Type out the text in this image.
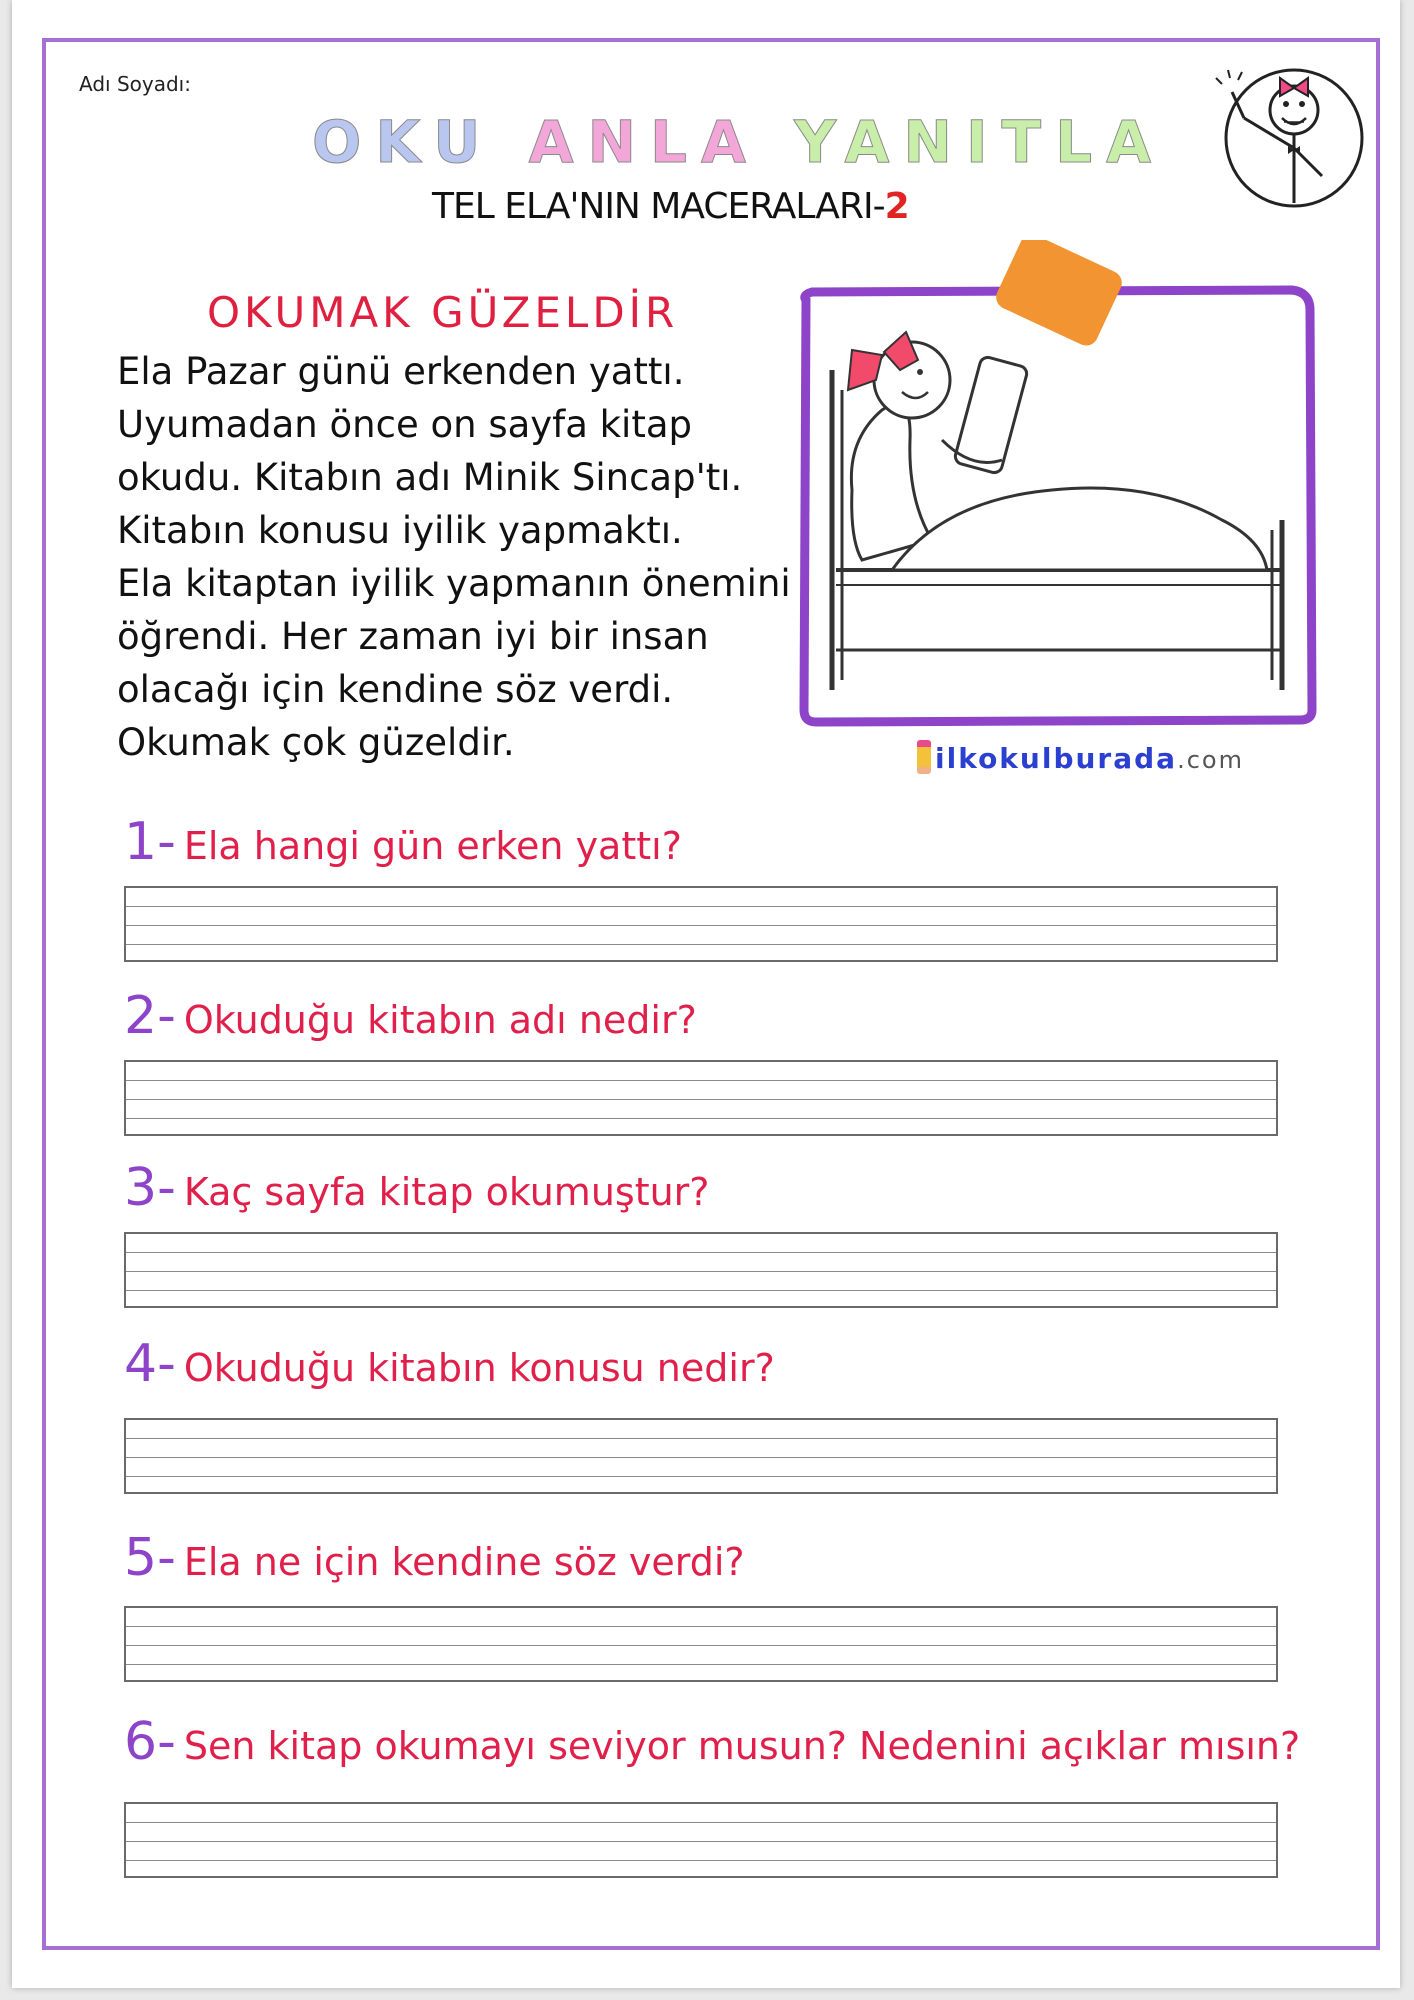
Adı Soyadı:
OKU ANLA YANITLA
TEL ELA'NIN MACERALARI-2
OKUMAK GÜZELDİR
Ela Pazar günü erkenden yattı.
Uyumadan önce on sayfa kitap
okudu. Kitabın adı Minik Sincap'tı.
Kitabın konusu iyilik yapmaktı.
Ela kitaptan iyilik yapmanın önemini
öğrendi. Her zaman iyi bir insan
olacağı için kendine söz verdi.
Okumak çok güzeldir.	ilkokulburada.com
1- Ela hangi gün erken yattı?
2- Okuduğu kitabın adı nedir?
3- Kaç sayfa kitap okumuştur?
4- Okuduğu kitabın konusu nedir?
5- Ela ne için kendine söz verdi?
6- Sen kitap okumayı seviyor musun? Nedenini açıklar mısın?
